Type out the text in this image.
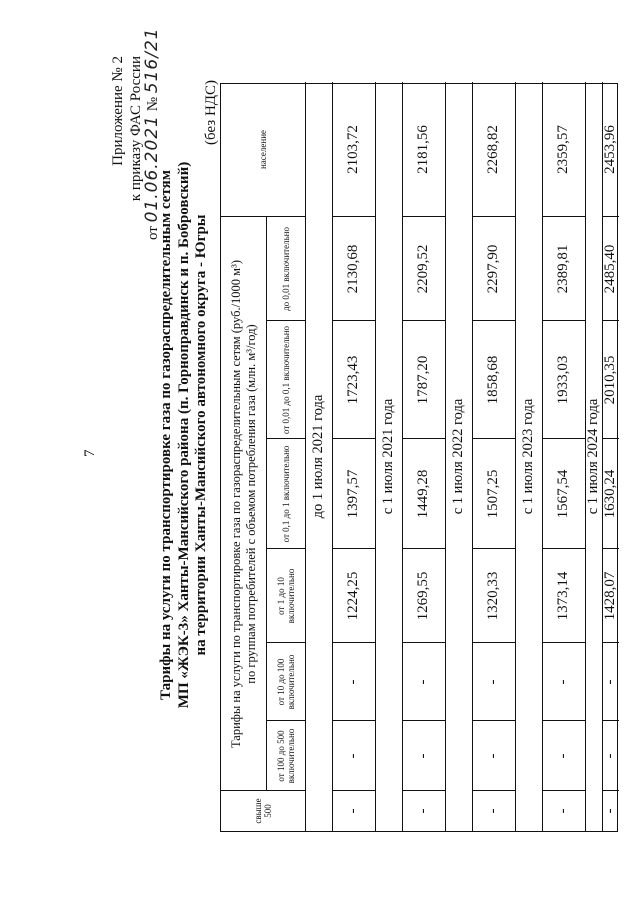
7
Приложение № 2 к приказу ФАС России
от 01.06.2021 № 516/21
Тарифы на услуги по транспортировке газа по газораспределительным сетям МП «ЖЭК-3» Ханты-Мансийского района (п. Горноправдинск и п. Бобровский) на территории Ханты-Мансийского автономного округа - Югры
(без НДС)
Тарифы на услуги по транспортировке газа по газораспределительным сетям (руб./1000 м³) по группам потребителей с объемом потребления газа (млн. м³/год)
свыше 500
от 100 до 500 включительно
от 10 до 100 включительно
от 1 до 10 включительно
от 0,1 до 1 включительно
от 0,01 до 0,1 включительно
до 0,01 включительно
население
до 1 июля 2021 года
-
-
-
1224,25
1397,57
1723,43
2130,68
2103,72
с 1 июля 2021 года
-
-
-
1269,55
1449,28
1787,20
2209,52
2181,56
с 1 июля 2022 года
-
-
-
1320,33
1507,25
1858,68
2297,90
2268,82
с 1 июля 2023 года
-
-
-
1373,14
1567,54
1933,03
2389,81
2359,57
с 1 июля 2024 года
-
-
-
1428,07
1630,24
2010,35
2485,40
2453,96
